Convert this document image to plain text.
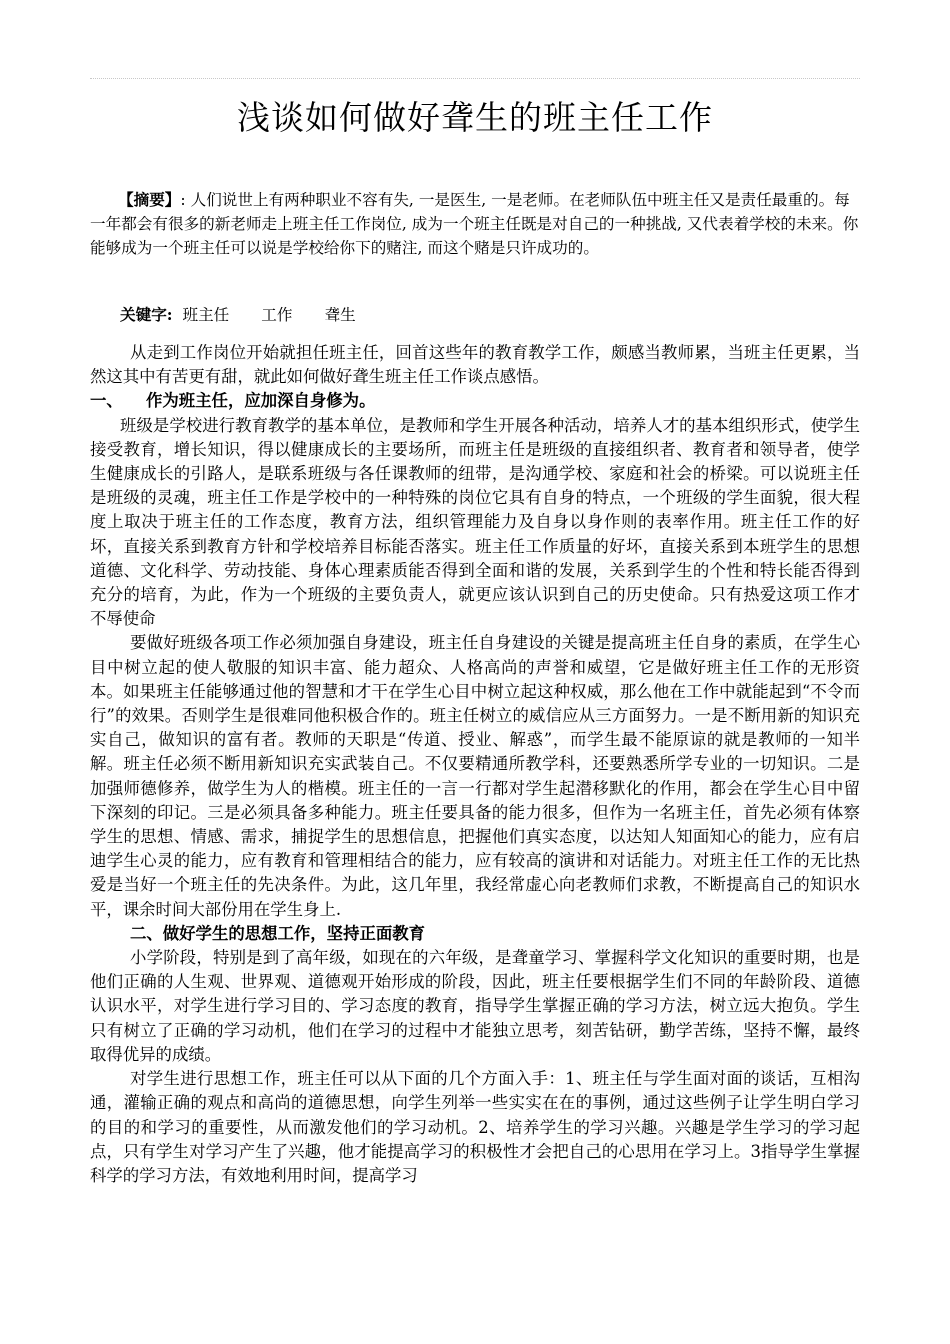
浅谈如何做好聋生的班主任工作
【摘要】: 人们说世上有两种职业不容有失, 一是医生, 一是老师。在老师队伍中班主任又是责任最重的。每一年都会有很多的新老师走上班主任工作岗位, 成为一个班主任既是对自己的一种挑战, 又代表着学校的未来。你能够成为一个班主任可以说是学校给你下的赌注, 而这个赌是只许成功的。
关键字: 班主任 工作 聋生

从走到工作岗位开始就担任班主任，回首这些年的教育教学工作，颇感当教师累，当班主任更累，当然这其中有苦更有甜，就此如何做好聋生班主任工作谈点感悟。

一、 作为班主任，应加深自身修为。

班级是学校进行教育教学的基本单位，是教师和学生开展各种活动，培养人才的基本组织形式，使学生接受教育，增长知识，得以健康成长的主要场所，而班主任是班级的直接组织者、教育者和领导者，使学生健康成长的引路人，是联系班级与各任课教师的纽带，是沟通学校、家庭和社会的桥梁。可以说班主任是班级的灵魂，班主任工作是学校中的一种特殊的岗位它具有自身的特点，一个班级的学生面貌，很大程度上取决于班主任的工作态度，教育方法，组织管理能力及自身以身作则的表率作用。班主任工作的好坏，直接关系到教育方针和学校培养目标能否落实。班主任工作质量的好坏，直接关系到本班学生的思想道德、文化科学、劳动技能、身体心理素质能否得到全面和谐的发展，关系到学生的个性和特长能否得到充分的培育，为此，作为一个班级的主要负责人，就更应该认识到自己的历史使命。只有热爱这项工作才不辱使命

要做好班级各项工作必须加强自身建设，班主任自身建设的关键是提高班主任自身的素质，在学生心目中树立起的使人敬服的知识丰富、能力超众、人格高尚的声誉和威望，它是做好班主任工作的无形资本。如果班主任能够通过他的智慧和才干在学生心目中树立起这种权威，那么他在工作中就能起到“不令而行”的效果。否则学生是很难同他积极合作的。班主任树立的威信应从三方面努力。一是不断用新的知识充实自己，做知识的富有者。教师的天职是“传道、授业、解惑”，而学生最不能原谅的就是教师的一知半解。班主任必须不断用新知识充实武装自己。不仅要精通所教学科，还要熟悉所学专业的一切知识。二是加强师德修养，做学生为人的楷模。班主任的一言一行都对学生起潜移默化的作用，都会在学生心目中留下深刻的印记。三是必须具备多种能力。班主任要具备的能力很多，但作为一名班主任，首先必须有体察学生的思想、情感、需求，捕捉学生的思想信息，把握他们真实态度，以达知人知面知心的能力，应有启迪学生心灵的能力，应有教育和管理相结合的能力，应有较高的演讲和对话能力。对班主任工作的无比热爱是当好一个班主任的先决条件。为此，这几年里，我经常虚心向老教师们求教，不断提高自己的知识水平，课余时间大部份用在学生身上.

二、做好学生的思想工作，坚持正面教育

小学阶段，特别是到了高年级，如现在的六年级，是聋童学习、掌握科学文化知识的重要时期，也是他们正确的人生观、世界观、道德观开始形成的阶段，因此，班主任要根据学生们不同的年龄阶段、道德认识水平，对学生进行学习目的、学习态度的教育，指导学生掌握正确的学习方法，树立远大抱负。学生只有树立了正确的学习动机，他们在学习的过程中才能独立思考，刻苦钻研，勤学苦练，坚持不懈，最终取得优异的成绩。

对学生进行思想工作，班主任可以从下面的几个方面入手：1、班主任与学生面对面的谈话，互相沟通，灌输正确的观点和高尚的道德思想，向学生列举一些实实在在的事例，通过这些例子让学生明白学习的目的和学习的重要性，从而激发他们的学习动机。2、培养学生的学习兴趣。兴趣是学生学习的学习起点，只有学生对学习产生了兴趣，他才能提高学习的积极性才会把自己的心思用在学习上。3指导学生掌握科学的学习方法，有效地利用时间，提高学习
